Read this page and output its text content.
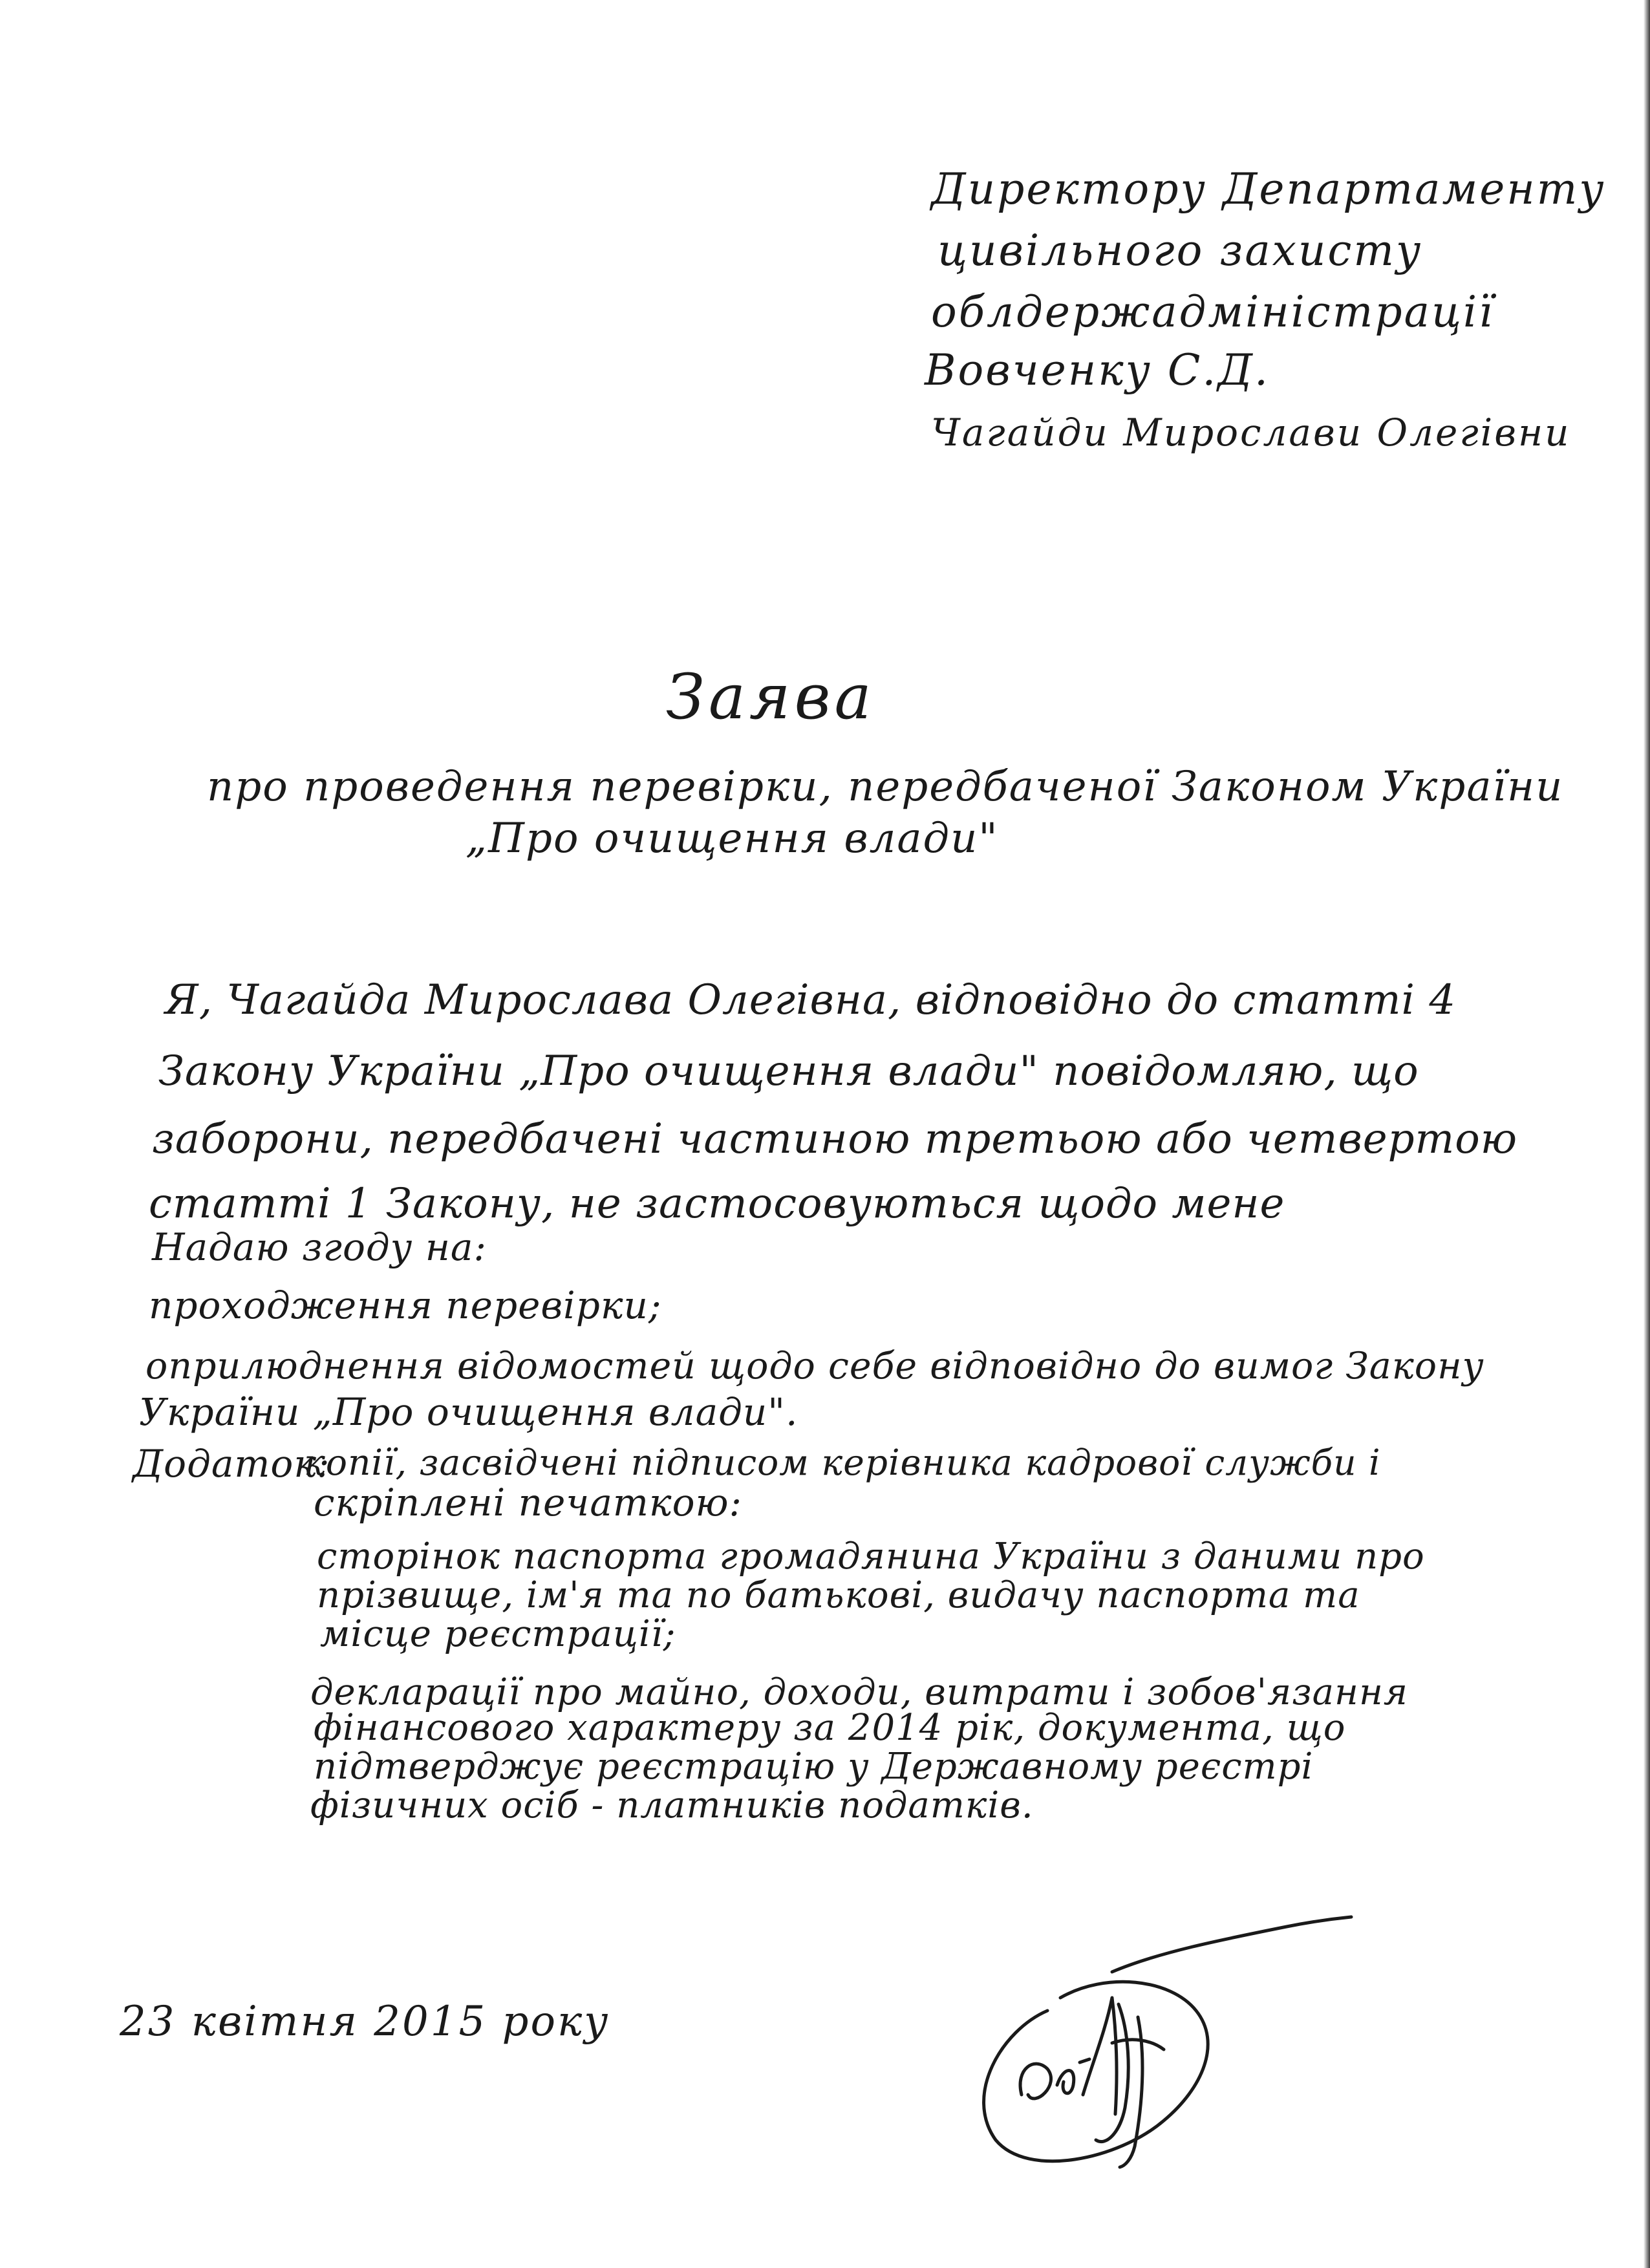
Директору Департаменту
цивільного захисту
облдержадміністрації
Вовченку С.Д.
Чагайди Мирослави Олегівни
Заява
про проведення перевірки, передбаченої Законом України
„Про очищення влади"
Я, Чагайда Мирослава Олегівна, відповідно до статті 4
Закону України „Про очищення влади" повідомляю, що
заборони, передбачені частиною третьою або четвертою
статті 1 Закону, не застосовуються щодо мене
Надаю згоду на:
проходження перевірки;
оприлюднення відомостей щодо себе відповідно до вимог Закону
України „Про очищення влади".
Додаток:
копії, засвідчені підписом керівника кадрової служби і
скріплені печаткою:
сторінок паспорта громадянина України з даними про
прізвище, ім'я та по батькові, видачу паспорта та
місце реєстрації;
декларації про майно, доходи, витрати і зобов'язання
фінансового характеру за 2014 рік, документа, що
підтверджує реєстрацію у Державному реєстрі
фізичних осіб - платників податків.
23 квітня 2015 року
